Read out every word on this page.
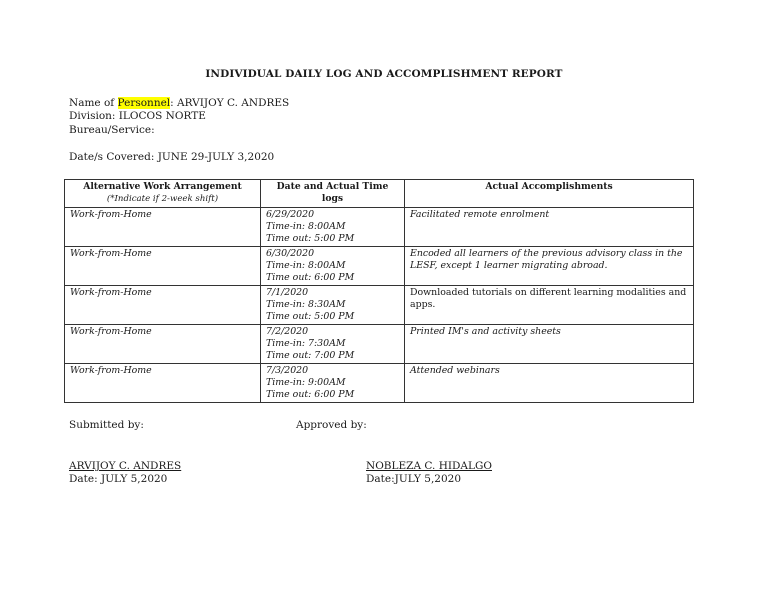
INDIVIDUAL DAILY LOG AND ACCOMPLISHMENT REPORT
Name of Personnel: ARVIJOY C. ANDRES
Division: ILOCOS NORTE
Bureau/Service:
Date/s Covered: JUNE 29-JULY 3,2020
Alternative Work Arrangement
(*Indicate if 2-week shift)	Date and Actual Time logs	Actual Accomplishments
Work-from-Home	6/29/2020
Time-in: 8:00AM
Time out: 5:00 PM	Facilitated remote enrolment
Work-from-Home	6/30/2020
Time-in: 8:00AM
Time out: 6:00 PM	Encoded all learners of the previous advisory class in the LESF, except 1 learner migrating abroad.
Work-from-Home	7/1/2020
Time-in: 8:30AM
Time out: 5:00 PM	Downloaded tutorials on different learning modalities and apps.
Work-from-Home	7/2/2020
Time-in: 7:30AM
Time out: 7:00 PM	Printed IM's and activity sheets
Work-from-Home	7/3/2020
Time-in: 9:00AM
Time out: 6:00 PM	Attended webinars
Submitted by:	Approved by:
ARVIJOY C. ANDRES
Date: JULY 5,2020
NOBLEZA C. HIDALGO
Date:JULY 5,2020
